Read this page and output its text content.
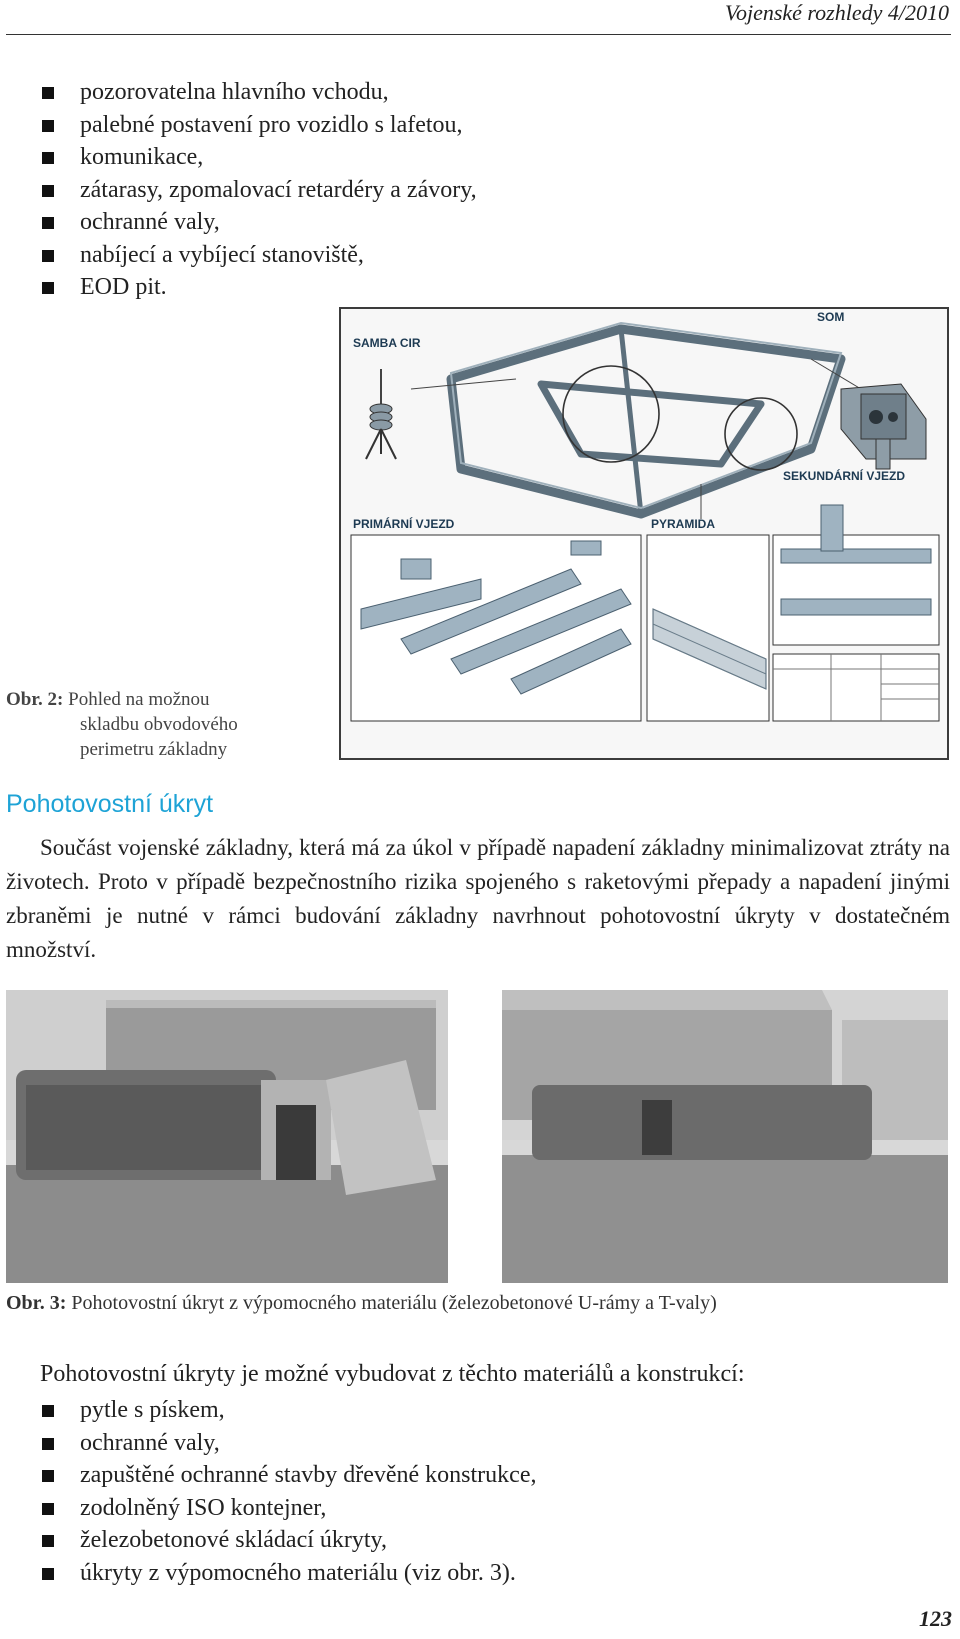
Vojenské rozhledy 4/2010
pozorovatelna hlavního vchodu,
palebné postavení pro vozidlo s lafetou,
komunikace,
zátarasy, zpomalovací retardéry a závory,
ochranné valy,
nabíjecí a vybíjecí stanoviště,
EOD pit.
SAMBA CIR
SOM
SEKUNDÁRNÍ VJEZD
PRIMÁRNÍ VJEZD	PYRAMIDA
Obr. 2: Pohled na možnou
skladbu obvodového
perimetru základny
Pohotovostní úkryt
Součást vojenské základny, která má za úkol v případě napadení základny minimalizovat ztráty na životech. Proto v případě bezpečnostního rizika spojeného s raketovými přepady a napadení jinými zbraněmi je nutné v rámci budování základny navrhnout pohotovostní úkryty v dostatečném množství.
Obr. 3: Pohotovostní úkryt z výpomocného materiálu (železobetonové U-rámy a T-valy)
Pohotovostní úkryty je možné vybudovat z těchto materiálů a konstrukcí:
pytle s pískem,
ochranné valy,
zapuštěné ochranné stavby dřevěné konstrukce,
zodolněný ISO kontejner,
železobetonové skládací úkryty,
úkryty z výpomocného materiálu (viz obr. 3).
123
